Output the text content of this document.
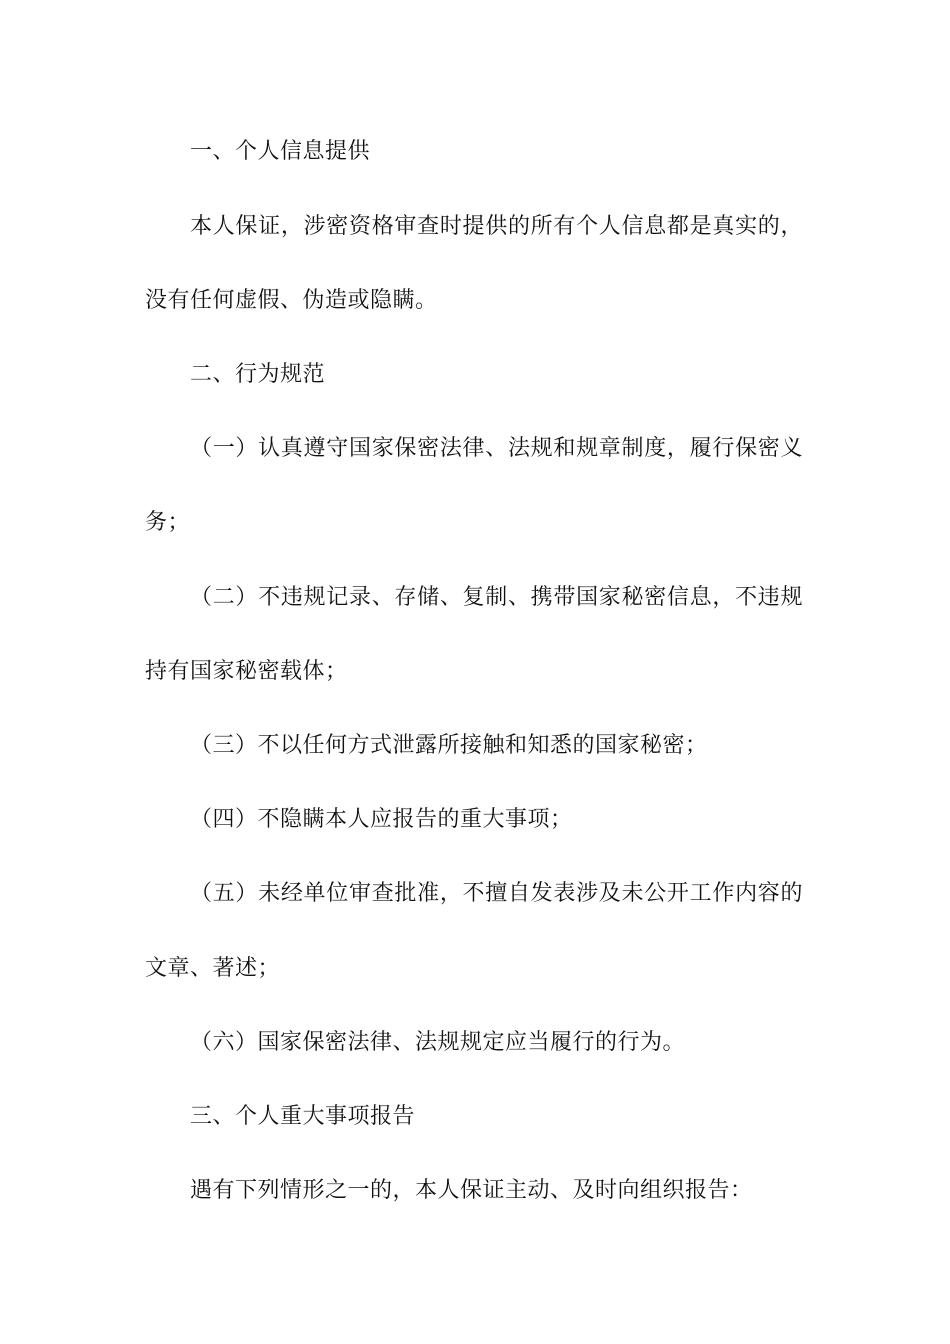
一、个人信息提供
本人保证，涉密资格审查时提供的所有个人信息都是真实的，
没有任何虚假、伪造或隐瞒。
二、行为规范
（一）认真遵守国家保密法律、法规和规章制度，履行保密义
务；
（二）不违规记录、存储、复制、携带国家秘密信息，不违规
持有国家秘密载体；
（三）不以任何方式泄露所接触和知悉的国家秘密；
（四）不隐瞒本人应报告的重大事项；
（五）未经单位审查批准，不擅自发表涉及未公开工作内容的
文章、著述；
（六）国家保密法律、法规规定应当履行的行为。
三、个人重大事项报告
遇有下列情形之一的，本人保证主动、及时向组织报告：
